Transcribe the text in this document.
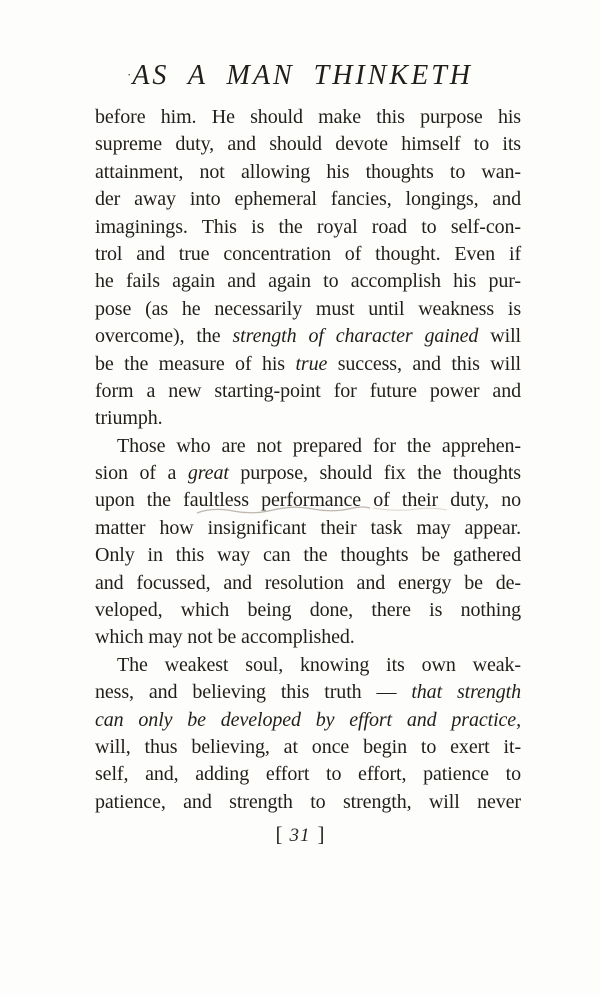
·AS A MAN THINKETH
before him. He should make this purpose his
supreme duty, and should devote himself to its
attainment, not allowing his thoughts to wan-
der away into ephemeral fancies, longings, and
imaginings. This is the royal road to self-con-
trol and true concentration of thought. Even if
he fails again and again to accomplish his pur-
pose (as he necessarily must until weakness is
overcome), the strength of character gained will
be the measure of his true success, and this will
form a new starting-point for future power and
triumph.
Those who are not prepared for the apprehen-
sion of a great purpose, should fix the thoughts
upon the faultless performance of their duty, no
matter how insignificant their task may appear.
Only in this way can the thoughts be gathered
and focussed, and resolution and energy be de-
veloped, which being done, there is nothing
which may not be accomplished.
The weakest soul, knowing its own weak-
ness, and believing this truth — that strength
can only be developed by effort and practice,
will, thus believing, at once begin to exert it-
self, and, adding effort to effort, patience to
patience, and strength to strength, will never
[ 31 ]
